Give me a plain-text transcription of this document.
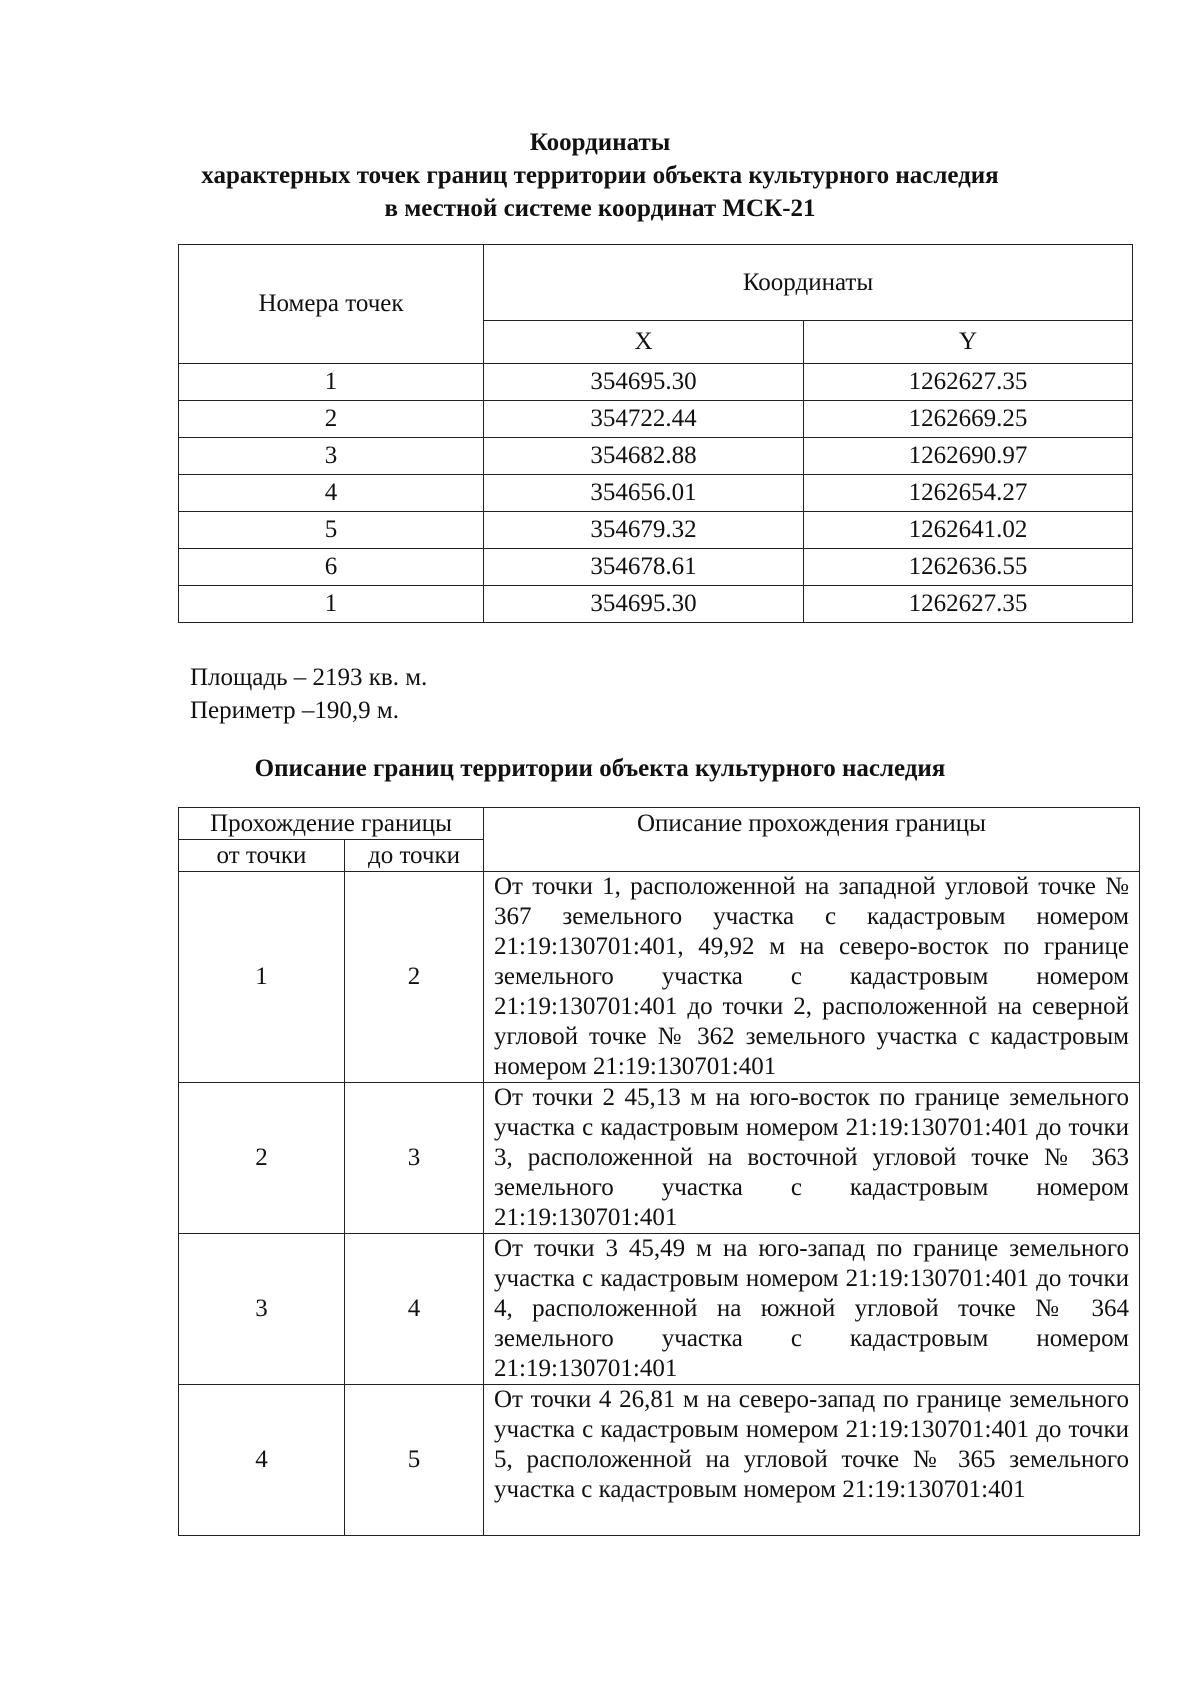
Координаты
характерных точек границ территории объекта культурного наследия
в местной системе координат МСК-21
Номера точек	Координаты	
	X	Y
1	354695.30	1262627.35
2	354722.44	1262669.25
3	354682.88	1262690.97
4	354656.01	1262654.27
5	354679.32	1262641.02
6	354678.61	1262636.55
1	354695.30	1262627.35
Площадь – 2193 кв. м.
Периметр –190,9 м.
Описание границ территории объекта культурного наследия
Прохождение границы		Описание прохождения границы
от точки	до точки	
1	2	От точки 1, расположенной на западной угловой точке № 367 земельного участка с кадастровым номером 21:19:130701:401, 49,92 м на северо-восток по границе земельного участка с кадастровым номером 21:19:130701:401 до точки 2, расположенной на северной угловой точке № 362 земельного участка с кадастровым номером 21:19:130701:401
2	3	От точки 2 45,13 м на юго-восток по границе земельного участка с кадастровым номером 21:19:130701:401 до точки 3, расположенной на восточной угловой точке № 363 земельного участка с кадастровым номером 21:19:130701:401
3	4	От точки 3 45,49 м на юго-запад по границе земельного участка с кадастровым номером 21:19:130701:401 до точки 4, расположенной на южной угловой точке № 364 земельного участка с кадастровым номером 21:19:130701:401
4	5	От точки 4 26,81 м на северо-запад по границе земельного участка с кадастровым номером 21:19:130701:401 до точки 5, расположенной на угловой точке № 365 земельного участка с кадастровым номером 21:19:130701:401
